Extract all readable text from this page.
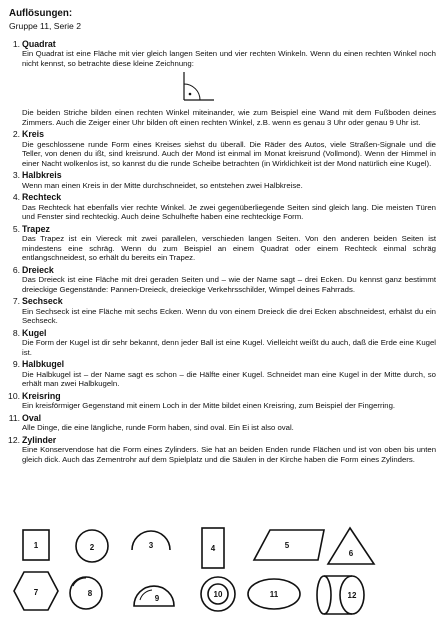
Auflösungen:
Gruppe 11, Serie 2
1. Quadrat
Ein Quadrat ist eine Fläche mit vier gleich langen Seiten und vier rechten Winkeln. Wenn du einen rechten Winkel noch nicht kennst, so betrachte diese kleine Zeichnung:
Die beiden Striche bilden einen rechten Winkel miteinander, wie zum Beispiel eine Wand mit dem Fußboden deines Zimmers. Auch die Zeiger einer Uhr bilden oft einen rechten Winkel, z.B. wenn es genau 3 Uhr oder genau 9 Uhr ist.
2. Kreis
Die geschlossene runde Form eines Kreises siehst du überall. Die Räder des Autos, viele Straßen-Signale und die Teller, von denen du ißt, sind kreisrund. Auch der Mond ist einmal im Monat kreisrund (Vollmond). Wenn der Himmel in einer Nacht wolkenlos ist, so kannst du die runde Scheibe betrachten (in Wirklichkeit ist der Mond natürlich eine Kugel).
3. Halbkreis
Wenn man einen Kreis in der Mitte durchschneidet, so entstehen zwei Halbkreise.
4. Rechteck
Das Rechteck hat ebenfalls vier rechte Winkel. Je zwei gegenüberliegende Seiten sind gleich lang. Die meisten Türen und Fenster sind rechteckig. Auch deine Schulhefte haben eine rechteckige Form.
5. Trapez
Das Trapez ist ein Viereck mit zwei parallelen, verschieden langen Seiten. Von den anderen beiden Seiten ist mindestens eine schräg. Wenn du zum Beispiel an einem Quadrat oder einem Rechteck einmal schräg entlangschneidest, so erhält du bereits ein Trapez.
6. Dreieck
Das Dreieck ist eine Fläche mit drei geraden Seiten und – wie der Name sagt – drei Ecken. Du kennst ganz bestimmt dreieckige Gegenstände: Pannen-Dreieck, dreieckige Verkehrsschilder, Wimpel deines Fahrrads.
7. Sechseck
Ein Sechseck ist eine Fläche mit sechs Ecken. Wenn du von einem Dreieck die drei Ecken abschneidest, erhälst du ein Sechseck.
8. Kugel
Die Form der Kugel ist dir sehr bekannt, denn jeder Ball ist eine Kugel. Vielleicht weißt du auch, daß die Erde eine Kugel ist.
9. Halbkugel
Die Halbkugel ist – der Name sagt es schon – die Hälfte einer Kugel. Schneidet man eine Kugel in der Mitte durch, so erhält man zwei Halbkugeln.
10. Kreisring
Ein kreisförmiger Gegenstand mit einem Loch in der Mitte bildet einen Kreisring, zum Beispiel der Fingerring.
11. Oval
Alle Dinge, die eine längliche, runde Form haben, sind oval. Ein Ei ist also oval.
12. Zylinder
Eine Konservendose hat die Form eines Zylinders. Sie hat an beiden Enden runde Flächen und ist von oben bis unten gleich dick. Auch das Zementrohr auf dem Spielplatz und die Säulen in der Kirche haben die Form eines Zylinders.
1	2	3	4	5
6
7	8
9	10	11	12
